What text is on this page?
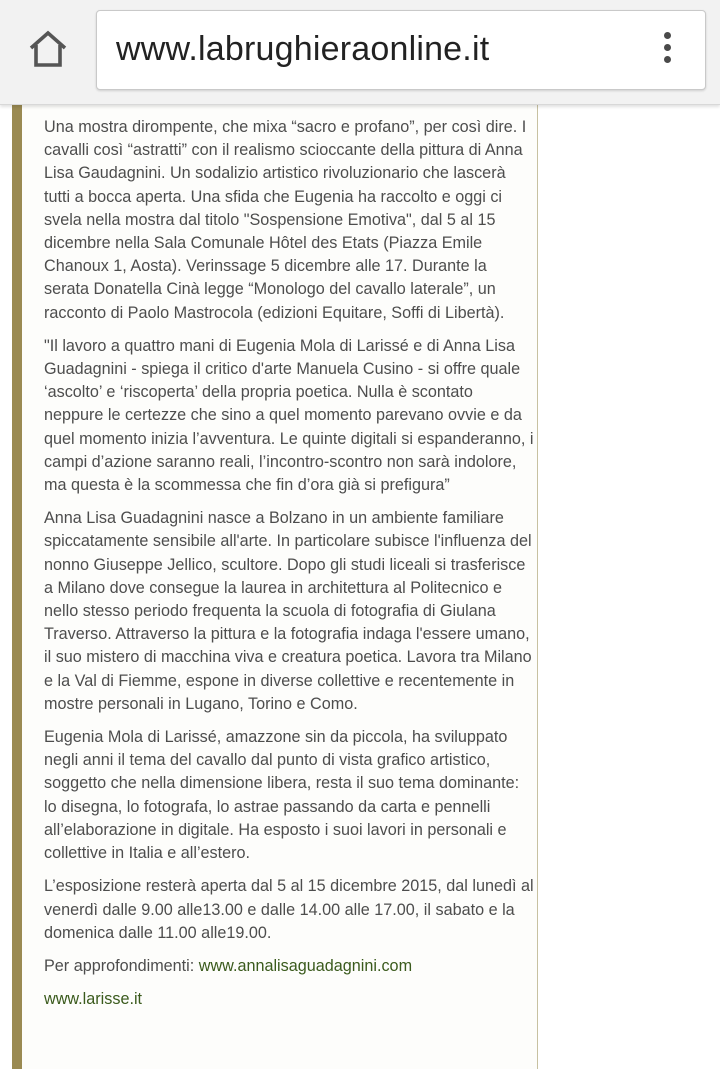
www.labrughieraonline.it

Una mostra dirompente, che mixa “sacro e profano”, per così dire. I cavalli così “astratti” con il realismo scioccante della pittura di Anna Lisa Gaudagnini. Un sodalizio artistico rivoluzionario che lascerà tutti a bocca aperta. Una sfida che Eugenia ha raccolto e oggi ci svela nella mostra dal titolo "Sospensione Emotiva", dal 5 al 15 dicembre nella Sala Comunale Hôtel des Etats (Piazza Emile Chanoux 1, Aosta). Verinssage 5 dicembre alle 17. Durante la serata Donatella Cinà legge “Monologo del cavallo laterale”, un racconto di Paolo Mastrocola (edizioni Equitare, Soffi di Libertà).

"Il lavoro a quattro mani di Eugenia Mola di Larissé e di Anna Lisa Guadagnini - spiega il critico d'arte Manuela Cusino - si offre quale ‘ascolto’ e ‘riscoperta’ della propria poetica. Nulla è scontato neppure le certezze che sino a quel momento parevano ovvie e da quel momento inizia l’avventura. Le quinte digitali si espanderanno, i campi d’azione saranno reali, l’incontro-scontro non sarà indolore, ma questa è la scommessa che fin d’ora già si prefigura”

Anna Lisa Guadagnini nasce a Bolzano in un ambiente familiare spiccatamente sensibile all'arte. In particolare subisce l'influenza del nonno Giuseppe Jellico, scultore. Dopo gli studi liceali si trasferisce a Milano dove consegue la laurea in architettura al Politecnico e nello stesso periodo frequenta la scuola di fotografia di Giulana Traverso. Attraverso la pittura e la fotografia indaga l'essere umano, il suo mistero di macchina viva e creatura poetica. Lavora tra Milano e la Val di Fiemme, espone in diverse collettive e recentemente in mostre personali in Lugano, Torino e Como.

Eugenia Mola di Larissé, amazzone sin da piccola, ha sviluppato negli anni il tema del cavallo dal punto di vista grafico artistico, soggetto che nella dimensione libera, resta il suo tema dominante: lo disegna, lo fotografa, lo astrae passando da carta e pennelli all’elaborazione in digitale. Ha esposto i suoi lavori in personali e collettive in Italia e all’estero.

L’esposizione resterà aperta dal 5 al 15 dicembre 2015, dal lunedì al venerdì dalle 9.00 alle13.00 e dalle 14.00 alle 17.00, il sabato e la domenica dalle 11.00 alle19.00.

Per approfondimenti: www.annalisaguadagnini.com

www.larisse.it
